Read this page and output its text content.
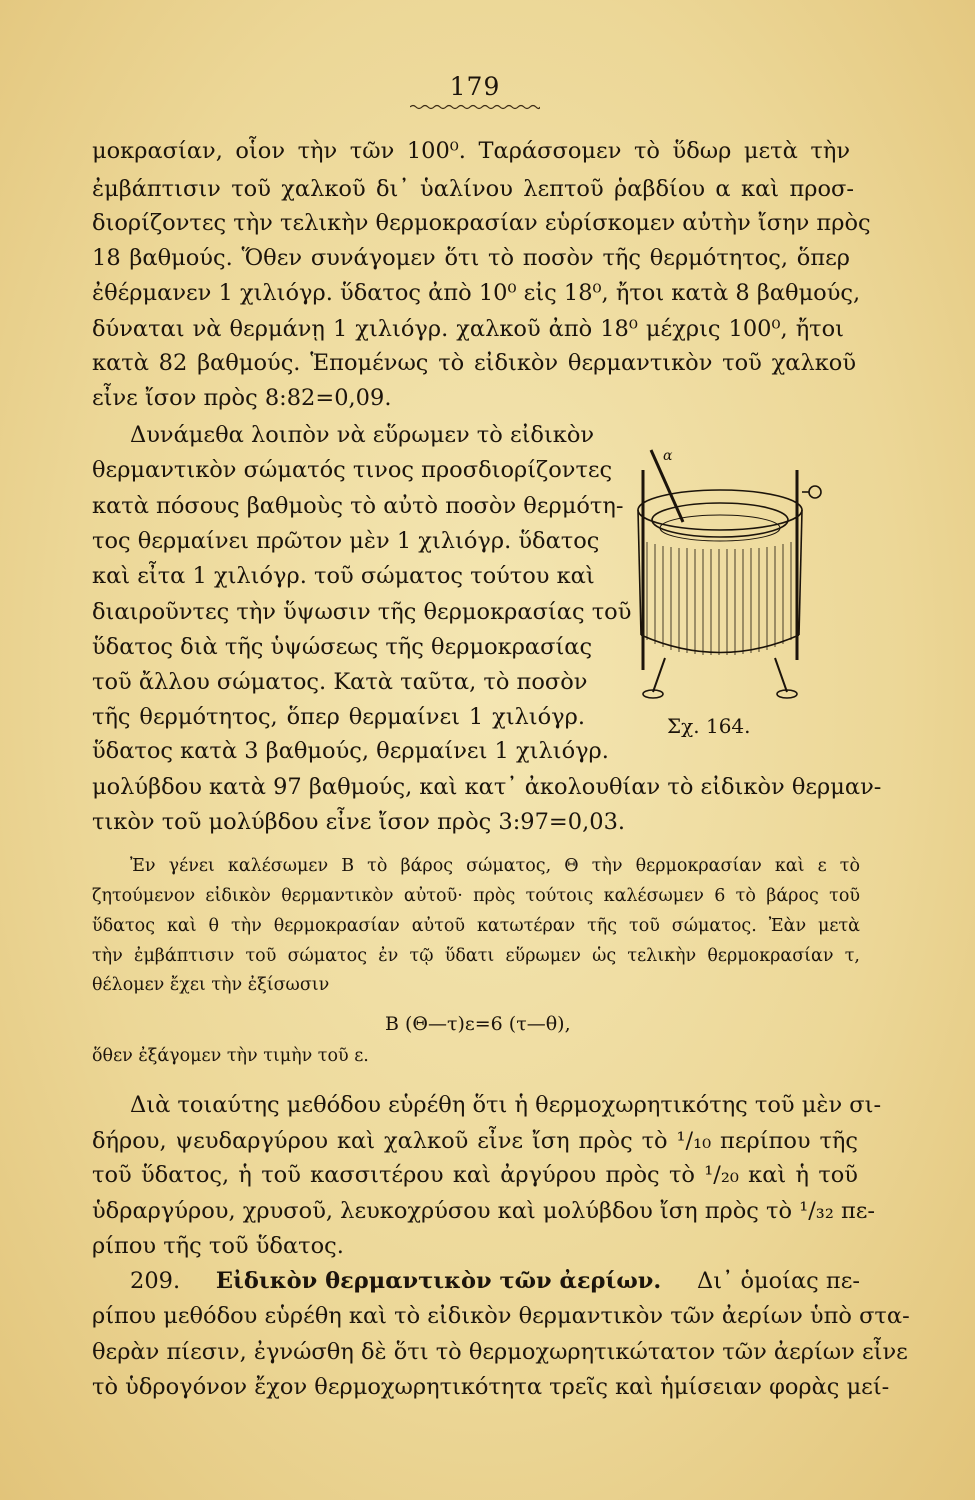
179
μοκρασίαν, οἷον τὴν τῶν 100⁰. Ταράσσομεν τὸ ὕδωρ μετὰ τὴν
ἐμβάπτισιν τοῦ χαλκοῦ δι᾽ ὑαλίνου λεπτοῦ ῥαβδίου α καὶ προσ-
διορίζοντες τὴν τελικὴν θερμοκρασίαν εὑρίσκομεν αὐτὴν ἴσην πρὸς
18 βαθμούς. Ὅθεν συνάγομεν ὅτι τὸ ποσὸν τῆς θερμότητος, ὅπερ
ἐθέρμανεν 1 χιλιόγρ. ὕδατος ἀπὸ 10⁰ εἰς 18⁰, ἤτοι κατὰ 8 βαθμούς,
δύναται νὰ θερμάνῃ 1 χιλιόγρ. χαλκοῦ ἀπὸ 18⁰ μέχρις 100⁰, ἤτοι
κατὰ 82 βαθμούς. Ἑπομένως τὸ εἰδικὸν θερμαντικὸν τοῦ χαλκοῦ
εἶνε ἴσον πρὸς 8:82=0,09.
Δυνάμεθα λοιπὸν νὰ εὕρωμεν τὸ εἰδικὸν
θερμαντικὸν σώματός τινος προσδιορίζοντες
κατὰ πόσους βαθμοὺς τὸ αὐτὸ ποσὸν θερμότη-
τος θερμαίνει πρῶτον μὲν 1 χιλιόγρ. ὕδατος
καὶ εἶτα 1 χιλιόγρ. τοῦ σώματος τούτου καὶ
διαιροῦντες τὴν ὕψωσιν τῆς θερμοκρασίας τοῦ
ὕδατος διὰ τῆς ὑψώσεως τῆς θερμοκρασίας
τοῦ ἄλλου σώματος. Κατὰ ταῦτα, τὸ ποσὸν
τῆς θερμότητος, ὅπερ θερμαίνει 1 χιλιόγρ.
ὕδατος κατὰ 3 βαθμούς, θερμαίνει 1 χιλιόγρ.
α
Σχ. 164.
μολύβδου κατὰ 97 βαθμούς, καὶ κατ᾽ ἀκολουθίαν τὸ εἰδικὸν θερμαν-
τικὸν τοῦ μολύβδου εἶνε ἴσον πρὸς 3:97=0,03.
Ἐν γένει καλέσωμεν Β τὸ βάρος σώματος, Θ τὴν θερμοκρασίαν καὶ ε τὸ
ζητούμενον εἰδικὸν θερμαντικὸν αὐτοῦ· πρὸς τούτοις καλέσωμεν 6 τὸ βάρος τοῦ
ὕδατος καὶ θ τὴν θερμοκρασίαν αὐτοῦ κατωτέραν τῆς τοῦ σώματος. Ἐὰν μετὰ
τὴν ἐμβάπτισιν τοῦ σώματος ἐν τῷ ὕδατι εὕρωμεν ὡς τελικὴν θερμοκρασίαν τ,
θέλομεν ἔχει τὴν ἐξίσωσιν
Β (Θ—τ)ε=6 (τ—θ),
ὅθεν ἐξάγομεν τὴν τιμὴν τοῦ ε.
Διὰ τοιαύτης μεθόδου εὑρέθη ὅτι ἡ θερμοχωρητικότης τοῦ μὲν σι-
δήρου, ψευδαργύρου καὶ χαλκοῦ εἶνε ἴση πρὸς τὸ ¹/₁₀ περίπου τῆς
τοῦ ὕδατος, ἡ τοῦ κασσιτέρου καὶ ἀργύρου πρὸς τὸ ¹/₂₀ καὶ ἡ τοῦ
ὑδραργύρου, χρυσοῦ, λευκοχρύσου καὶ μολύβδου ἴση πρὸς τὸ ¹/₃₂ πε-
ρίπου τῆς τοῦ ὕδατος.
209. Εἰδικὸν θερμαντικὸν τῶν ἀερίων. Δι᾽ ὁμοίας πε-
ρίπου μεθόδου εὑρέθη καὶ τὸ εἰδικὸν θερμαντικὸν τῶν ἀερίων ὑπὸ στα-
θερὰν πίεσιν, ἐγνώσθη δὲ ὅτι τὸ θερμοχωρητικώτατον τῶν ἀερίων εἶνε
τὸ ὑδρογόνον ἔχον θερμοχωρητικότητα τρεῖς καὶ ἡμίσειαν φορὰς μεί-
